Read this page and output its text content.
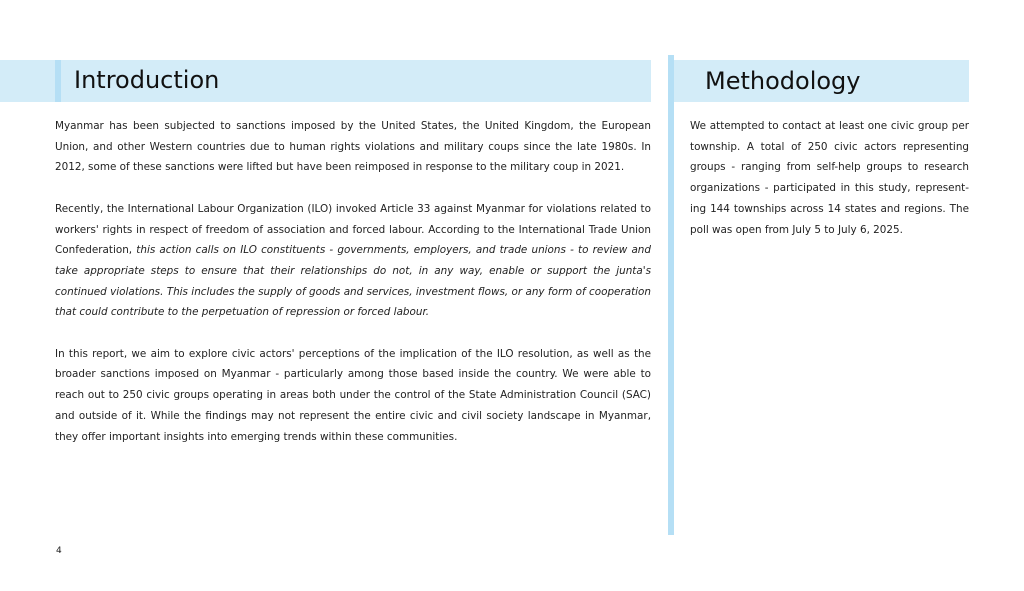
Introduction	Methodology

Myanmar has been subjected to sanctions imposed by the United States, the United Kingdom, the European Union, and other Western countries due to human rights violations and military coups since the late 1980s. In 2012, some of these sanctions were lifted but have been reimposed in response to the military coup in 2021.

Recently, the International Labour Organization (ILO) invoked Article 33 against Myanmar for violations related to workers' rights in respect of freedom of association and forced labour. According to the International Trade Union Confederation, this action calls on ILO constituents - governments, employers, and trade unions - to review and take appropriate steps to ensure that their relationships do not, in any way, enable or support the junta's continued violations. This includes the supply of goods and services, investment flows, or any form of cooperation that could contribute to the perpetuation of repression or forced labour.

In this report, we aim to explore civic actors' perceptions of the implication of the ILO resolution, as well as the broader sanctions imposed on Myanmar - particularly among those based inside the country. We were able to reach out to 250 civic groups operating in areas both under the control of the State Administration Council (SAC) and outside of it. While the findings may not represent the entire civic and civil society landscape in Myanmar, they offer important insights into emerging trends within these communities.

We attempted to contact at least one civic group per township. A total of 250 civic actors representing groups - ranging from self-help groups to research organizations - participated in this study, represent-ing 144 townships across 14 states and regions. The poll was open from July 5 to July 6, 2025.

4
